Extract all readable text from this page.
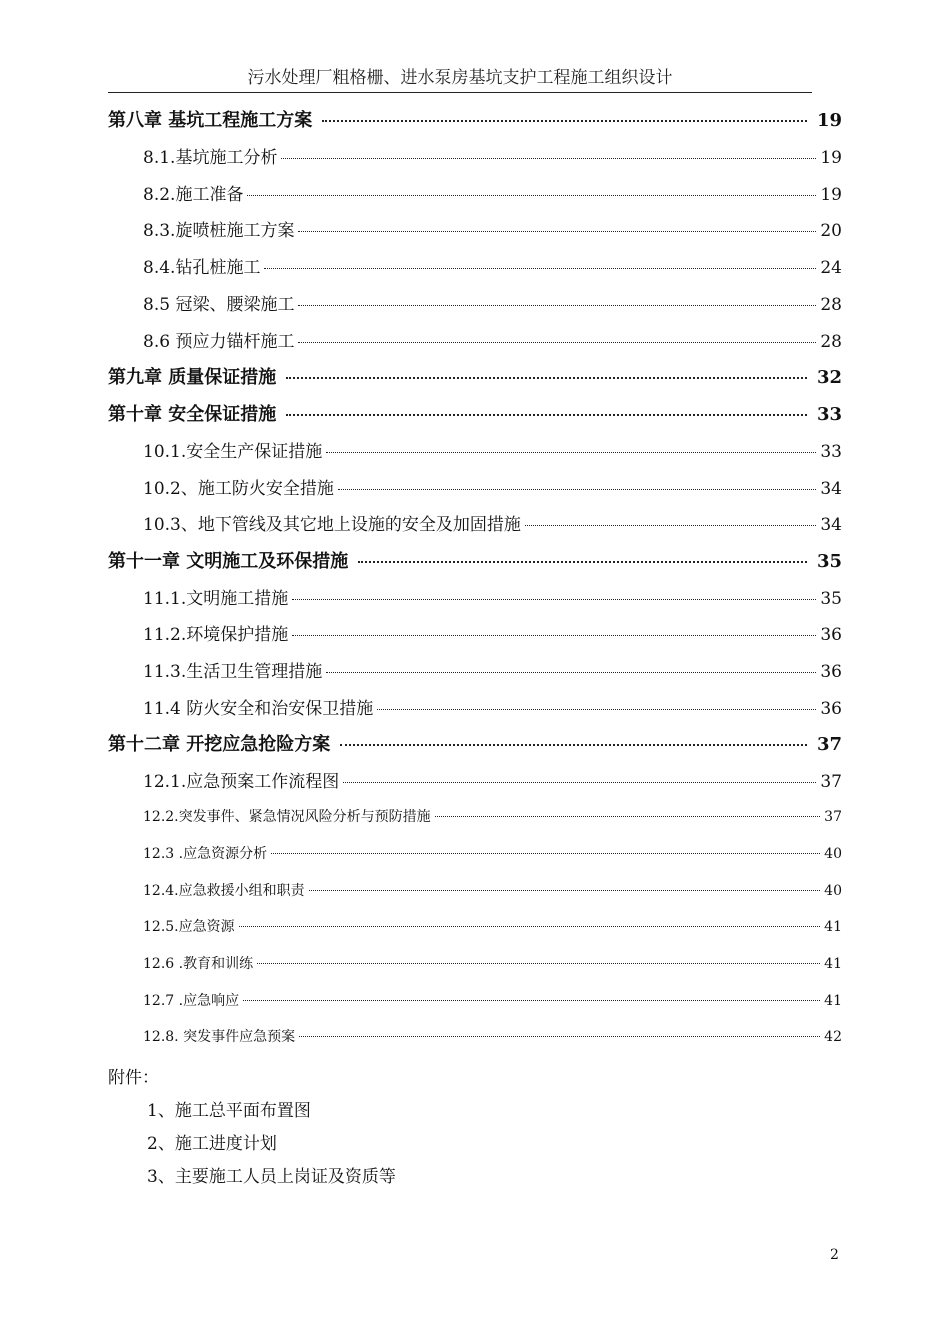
污水处理厂粗格栅、进水泵房基坑支护工程施工组织设计
第八章 基坑工程施工方案	19
8.1.基坑施工分析	19
8.2.施工准备	19
8.3.旋喷桩施工方案	20
8.4.钻孔桩施工	24
8.5 冠梁、腰梁施工	28
8.6 预应力锚杆施工	28
第九章 质量保证措施	32
第十章 安全保证措施	33
10.1.安全生产保证措施	33
10.2、施工防火安全措施	34
10.3、地下管线及其它地上设施的安全及加固措施	34
第十一章 文明施工及环保措施	35
11.1.文明施工措施	35
11.2.环境保护措施	36
11.3.生活卫生管理措施	36
11.4 防火安全和治安保卫措施	36
第十二章 开挖应急抢险方案	37
12.1.应急预案工作流程图	37
12.2.突发事件、紧急情况风险分析与预防措施	37
12.3 .应急资源分析	40
12.4.应急救援小组和职责	40
12.5.应急资源	41
12.6 .教育和训练	41
12.7 .应急响应	41
12.8. 突发事件应急预案	42
附件：
1、施工总平面布置图
2、施工进度计划
3、主要施工人员上岗证及资质等
2
